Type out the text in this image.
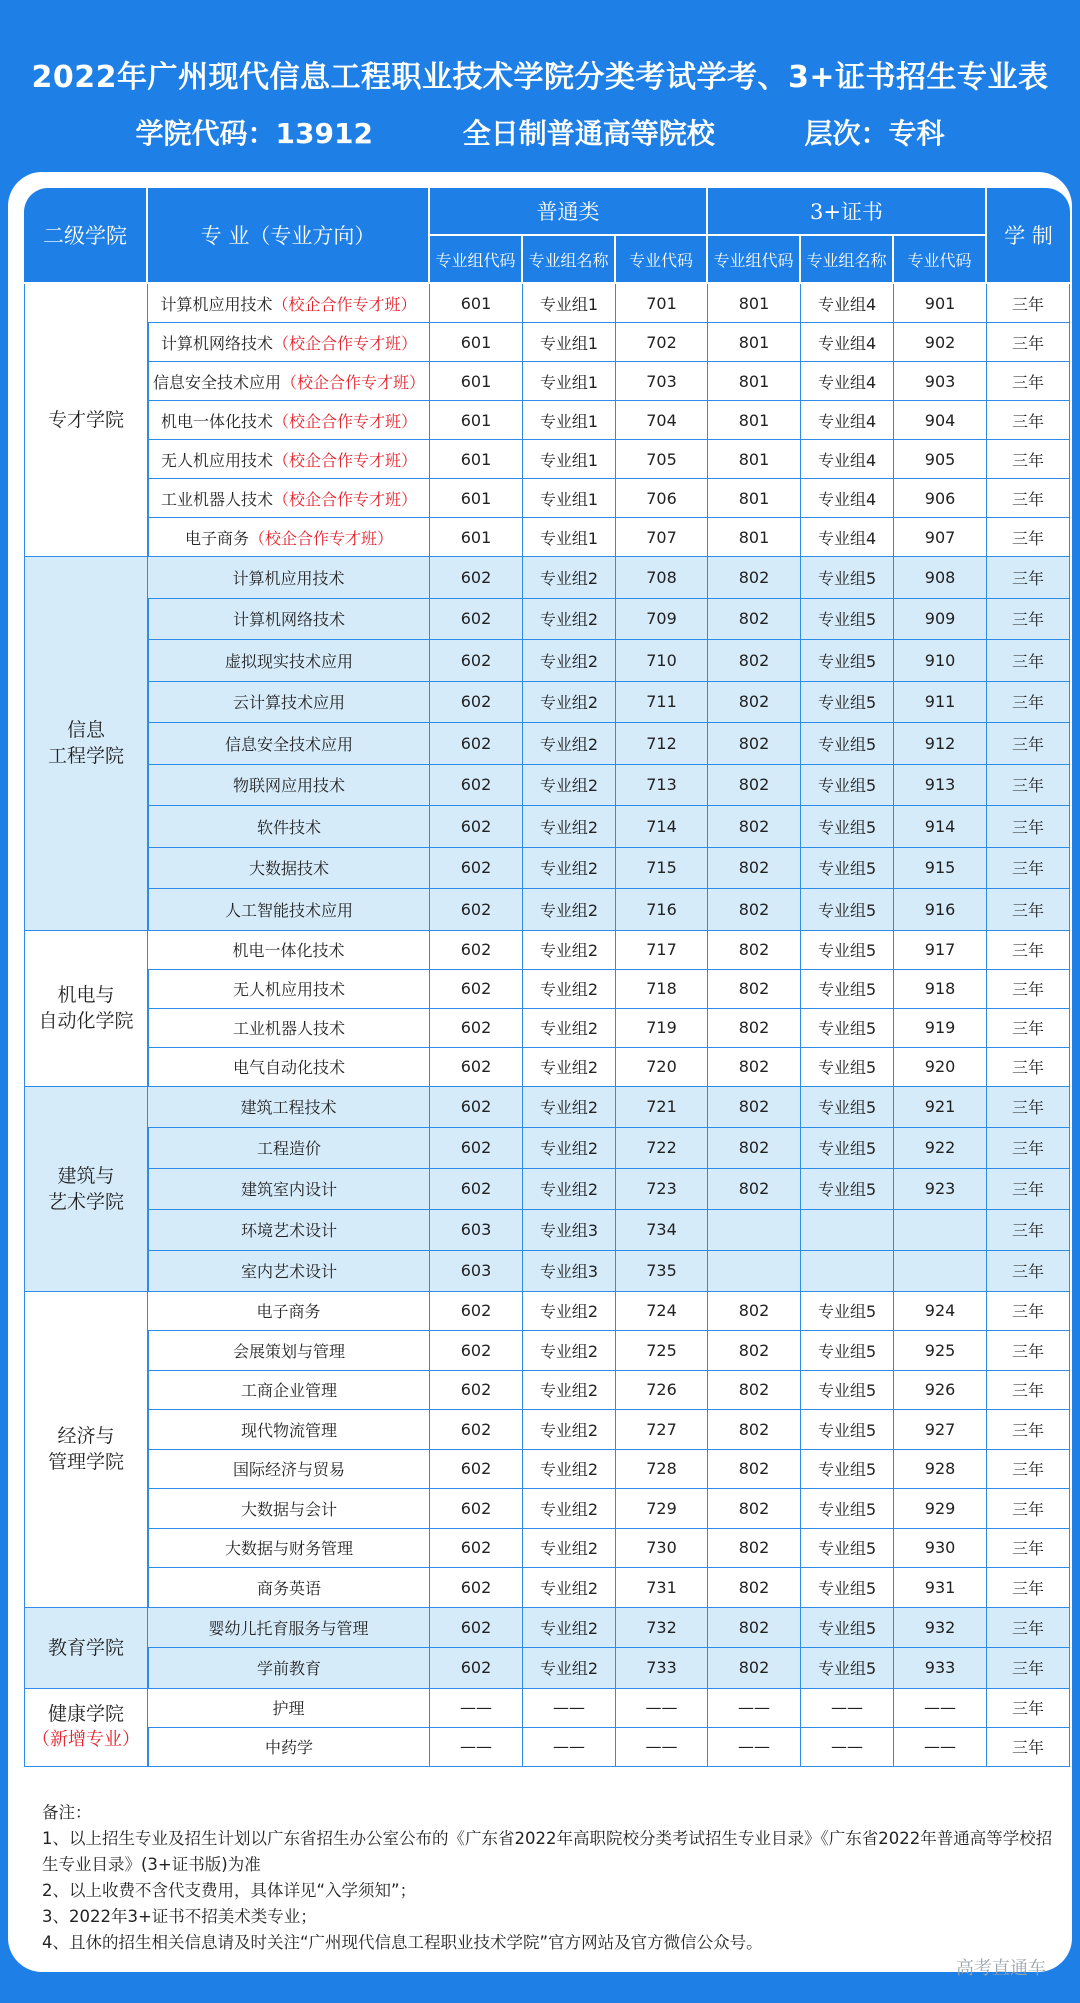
2022年广州现代信息工程职业技术学院分类考试学考、3+证书招生专业表
学院代码：13912	全日制普通高等院校	层次：专科
二级学院	专 业（专业方向）	普通类			3+证书			学 制
		专业组代码	专业组名称	专业代码	专业组代码	专业组名称	专业代码	

专才学院	计算机应用技术（校企合作专才班）	601	专业组1	701	801	专业组4	901	三年
	计算机网络技术（校企合作专才班）	601	专业组1	702	801	专业组4	902	三年
	信息安全技术应用（校企合作专才班）	601	专业组1	703	801	专业组4	903	三年
	机电一体化技术（校企合作专才班）	601	专业组1	704	801	专业组4	904	三年
	无人机应用技术（校企合作专才班）	601	专业组1	705	801	专业组4	905	三年
	工业机器人技术（校企合作专才班）	601	专业组1	706	801	专业组4	906	三年
	电子商务（校企合作专才班）	601	专业组1	707	801	专业组4	907	三年

信息
工程学院	计算机应用技术	602	专业组2	708	802	专业组5	908	三年
	计算机网络技术	602	专业组2	709	802	专业组5	909	三年
	虚拟现实技术应用	602	专业组2	710	802	专业组5	910	三年
	云计算技术应用	602	专业组2	711	802	专业组5	911	三年
	信息安全技术应用	602	专业组2	712	802	专业组5	912	三年
	物联网应用技术	602	专业组2	713	802	专业组5	913	三年
	软件技术	602	专业组2	714	802	专业组5	914	三年
	大数据技术	602	专业组2	715	802	专业组5	915	三年
	人工智能技术应用	602	专业组2	716	802	专业组5	916	三年

机电与
自动化学院	机电一体化技术	602	专业组2	717	802	专业组5	917	三年
	无人机应用技术	602	专业组2	718	802	专业组5	918	三年
	工业机器人技术	602	专业组2	719	802	专业组5	919	三年
	电气自动化技术	602	专业组2	720	802	专业组5	920	三年

建筑与
艺术学院	建筑工程技术	602	专业组2	721	802	专业组5	921	三年
	工程造价	602	专业组2	722	802	专业组5	922	三年
	建筑室内设计	602	专业组2	723	802	专业组5	923	三年
	环境艺术设计	603	专业组3	734				三年
	室内艺术设计	603	专业组3	735				三年

经济与
管理学院	电子商务	602	专业组2	724	802	专业组5	924	三年
	会展策划与管理	602	专业组2	725	802	专业组5	925	三年
	工商企业管理	602	专业组2	726	802	专业组5	926	三年
	现代物流管理	602	专业组2	727	802	专业组5	927	三年
	国际经济与贸易	602	专业组2	728	802	专业组5	928	三年
	大数据与会计	602	专业组2	729	802	专业组5	929	三年
	大数据与财务管理	602	专业组2	730	802	专业组5	930	三年
	商务英语	602	专业组2	731	802	专业组5	931	三年

教育学院	婴幼儿托育服务与管理	602	专业组2	732	802	专业组5	932	三年
	学前教育	602	专业组2	733	802	专业组5	933	三年

健康学院
（新增专业）	护理	——	——	——	——	——	——	三年
	中药学	——	——	——	——	——	——	三年
备注：
1、以上招生专业及招生计划以广东省招生办公室公布的《广东省2022年高职院校分类考试招生专业目录》《广东省2022年普通高等学校招生专业目录》(3+证书版)为准
2、以上收费不含代支费用，具体详见“入学须知”；
3、2022年3+证书不招美术类专业；
4、且休的招生相关信息请及时关注“广州现代信息工程职业技术学院”官方网站及官方微信公众号。
高考直通车
